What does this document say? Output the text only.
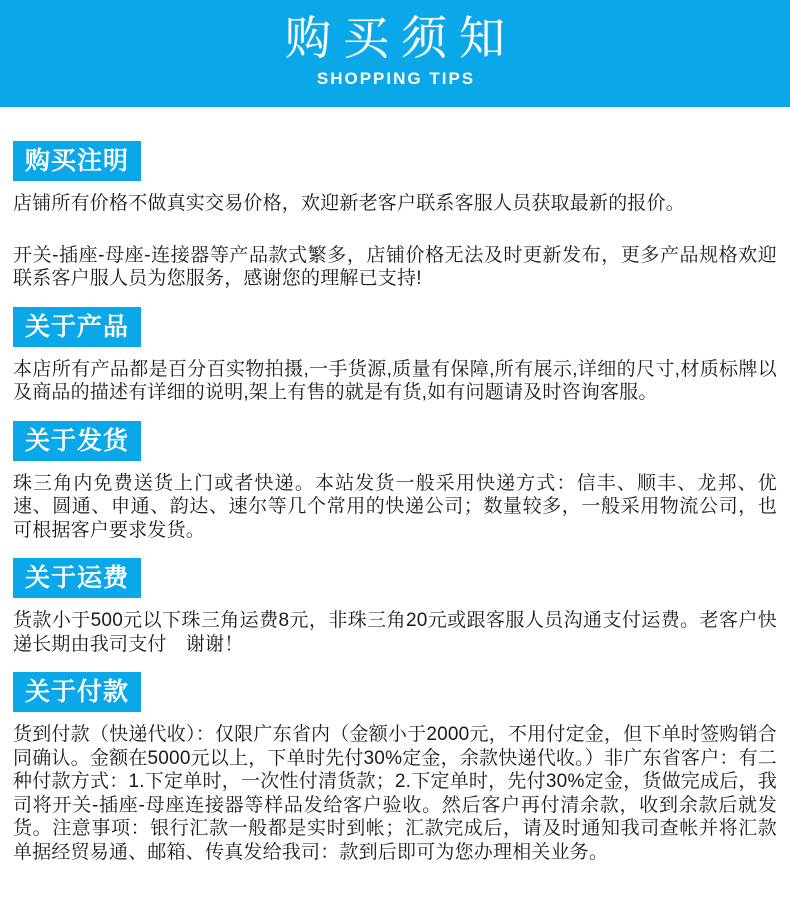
购买须知
SHOPPING TIPS
购买注明

店铺所有价格不做真实交易价格，欢迎新老客户联系客服人员获取最新的报价。

开关-插座-母座-连接器等产品款式繁多，店铺价格无法及时更新发布，更多产品规格欢迎联系客户服人员为您服务，感谢您的理解已支持!

关于产品

本店所有产品都是百分百实物拍摄,一手货源,质量有保障,所有展示,详细的尺寸,材质标牌以及商品的描述有详细的说明,架上有售的就是有货,如有问题请及时咨询客服。

关于发货

珠三角内免费送货上门或者快递。本站发货一般采用快递方式：信丰、顺丰、龙邦、优速、圆通、申通、韵达、速尔等几个常用的快递公司；数量较多，一般采用物流公司，也可根据客户要求发货。

关于运费

货款小于500元以下珠三角运费8元，非珠三角20元或跟客服人员沟通支付运费。老客户快递长期由我司支付　谢谢！

关于付款

货到付款（快递代收）：仅限广东省内（金额小于2000元，不用付定金，但下单时签购销合同确认。金额在5000元以上，下单时先付30%定金，余款快递代收。）非广东省客户：有二种付款方式：1.下定单时，一次性付清货款；2.下定单时，先付30%定金，货做完成后，我司将开关-插座-母座连接器等样品发给客户验收。然后客户再付清余款，收到余款后就发货。注意事项：银行汇款一般都是实时到帐；汇款完成后，请及时通知我司查帐并将汇款单据经贸易通、邮箱、传真发给我司：款到后即可为您办理相关业务。
